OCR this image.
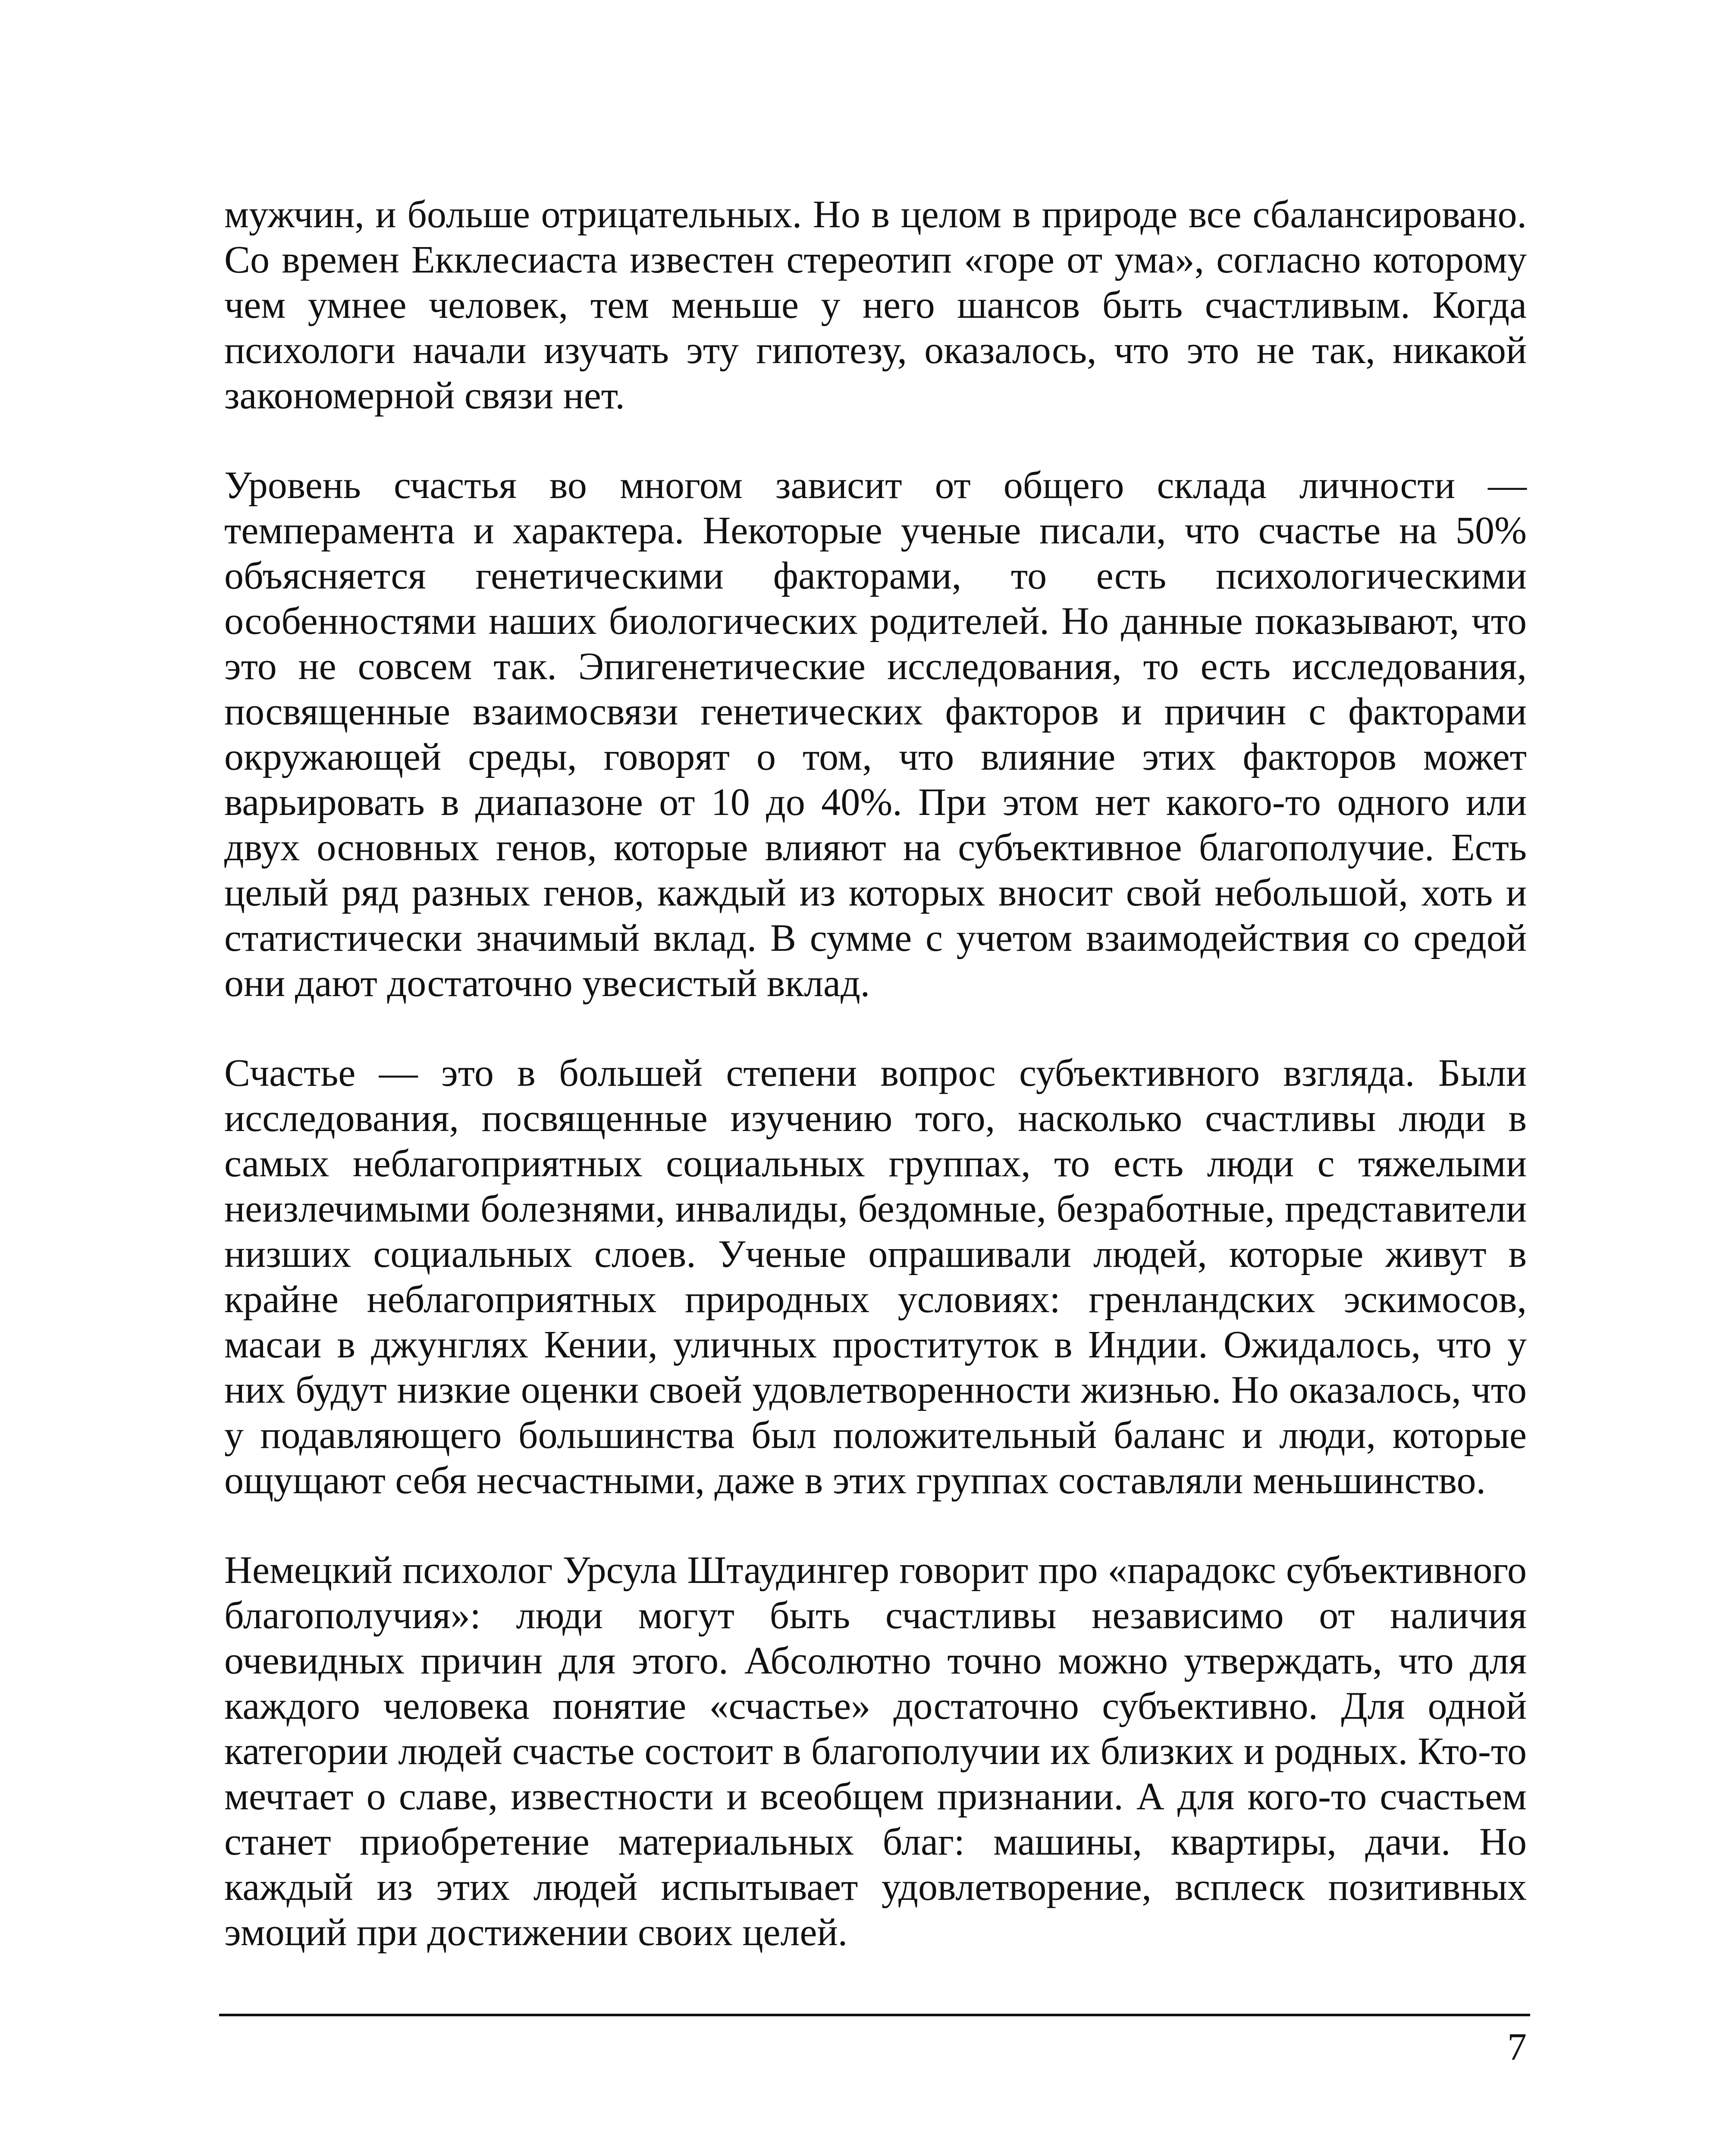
мужчин, и больше отрицательных. Но в целом в природе все сбалансировано. Со времен Екклесиаста известен стереотип «горе от ума», согласно которому чем умнее человек, тем меньше у него шансов быть счастливым. Когда психологи начали изучать эту гипотезу, оказалось, что это не так, никакой закономерной связи нет.

Уровень счастья во многом зависит от общего склада личности — темперамента и характера. Некоторые ученые писали, что счастье на 50% объясняется генетическими факторами, то есть психологическими особенностями наших биологических родителей. Но данные показывают, что это не совсем так. Эпигенетические исследования, то есть исследования, посвященные взаимосвязи генетических факторов и причин с факторами окружающей среды, говорят о том, что влияние этих факторов может варьировать в диапазоне от 10 до 40%. При этом нет какого-то одного или двух основных генов, которые влияют на субъективное благополучие. Есть целый ряд разных генов, каждый из которых вносит свой небольшой, хоть и статистически значимый вклад. В сумме с учетом взаимодействия со средой они дают достаточно увесистый вклад.

Счастье — это в большей степени вопрос субъективного взгляда. Были исследования, посвященные изучению того, насколько счастливы люди в самых неблагоприятных социальных группах, то есть люди с тяжелыми неизлечимыми болезнями, инвалиды, бездомные, безработные, представители низших социальных слоев. Ученые опрашивали людей, которые живут в крайне неблагоприятных природных условиях: гренландских эскимосов, масаи в джунглях Кении, уличных проституток в Индии. Ожидалось, что у них будут низкие оценки своей удовлетворенности жизнью. Но оказалось, что у подавляющего большинства был положительный баланс и люди, которые ощущают себя несчастными, даже в этих группах составляли меньшинство.

Немецкий психолог Урсула Штаудингер говорит про «парадокс субъективного благополучия»: люди могут быть счастливы независимо от наличия очевидных причин для этого. Абсолютно точно можно утверждать, что для каждого человека понятие «счастье» достаточно субъективно. Для одной категории людей счастье состоит в благополучии их близких и родных. Кто-то мечтает о славе, известности и всеобщем признании. А для кого-то счастьем станет приобретение материальных благ: машины, квартиры, дачи. Но каждый из этих людей испытывает удовлетворение, всплеск позитивных эмоций при достижении своих целей.

7
